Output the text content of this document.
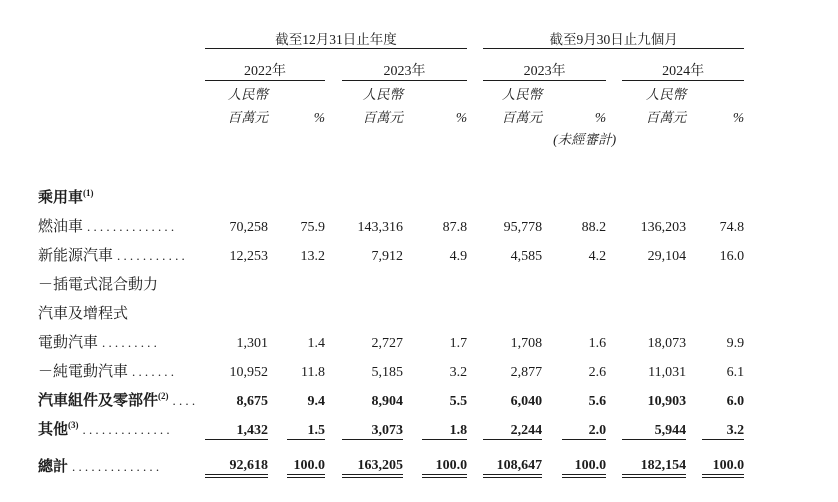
	截至12月31日止年度								截至9月30日止九個月						
	2022年				2023年				2023年				2024年		
	人民幣				人民幣				人民幣				人民幣		
	百萬元		%		百萬元		%		百萬元		%		百萬元		%
									(未經審計)						

乘用車$^{(1)}$															
燃油車 ..............	70,258		75.9		143,316		87.8		95,778		88.2		136,203		74.8
新能源汽車 ...........	12,253		13.2		7,912		4.9		4,585		4.2		29,104		16.0
－插電式混合動力															
汽車及增程式															
電動汽車 .........	1,301		1.4		2,727		1.7		1,708		1.6		18,073		9.9
－純電動汽車 .......	10,952		11.8		5,185		3.2		2,877		2.6		11,031		6.1
汽車組件及零部件$^{(2)}$ ....	8,675		9.4		8,904		5.5		6,040		5.6		10,903		6.0
其他$^{(3)}$ ..............	1,432		1.5		3,073		1.8		2,244		2.0		5,944		3.2
總計 ..............	92,618		100.0		163,205		100.0		108,647		100.0		182,154		100.0
